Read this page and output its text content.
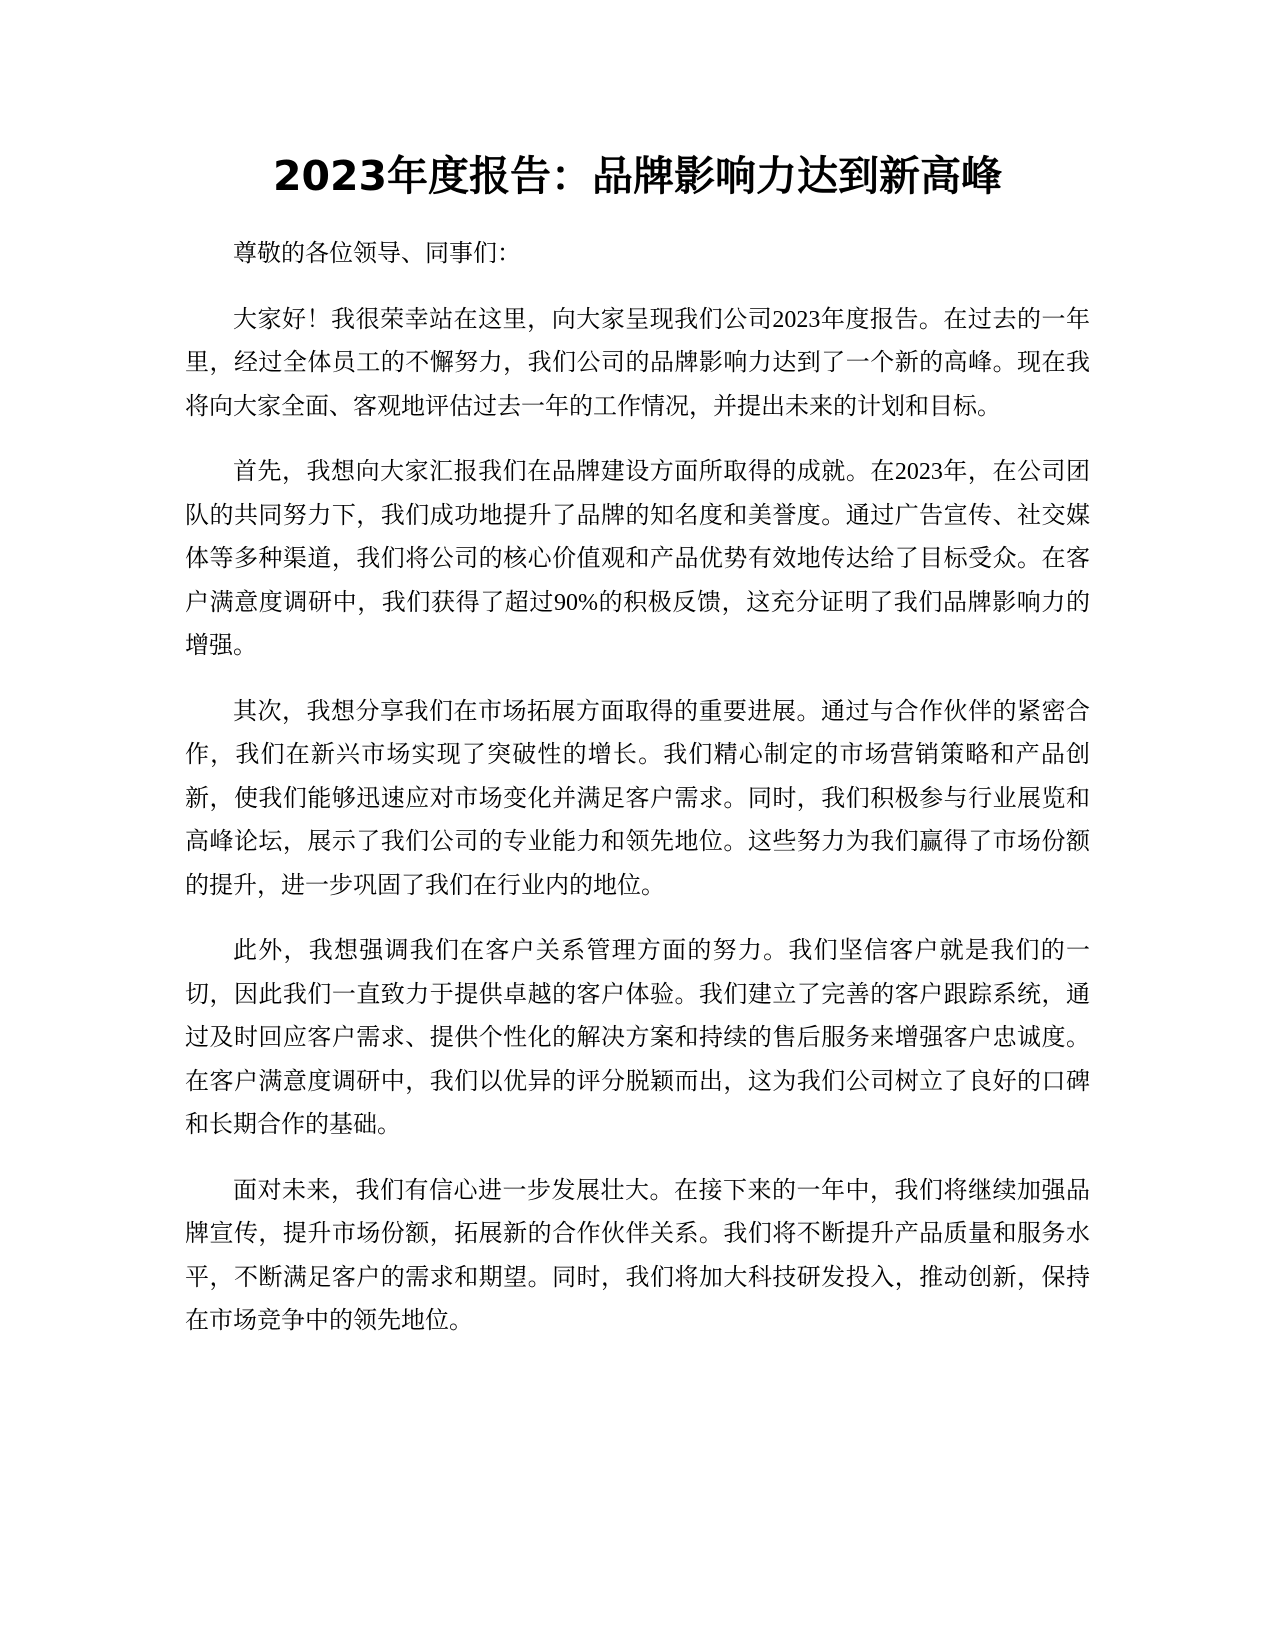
2023年度报告：品牌影响力达到新高峰

尊敬的各位领导、同事们：

大家好！我很荣幸站在这里，向大家呈现我们公司2023年度报告。在过去的一年里，经过全体员工的不懈努力，我们公司的品牌影响力达到了一个新的高峰。现在我将向大家全面、客观地评估过去一年的工作情况，并提出未来的计划和目标。

首先，我想向大家汇报我们在品牌建设方面所取得的成就。在2023年，在公司团队的共同努力下，我们成功地提升了品牌的知名度和美誉度。通过广告宣传、社交媒体等多种渠道，我们将公司的核心价值观和产品优势有效地传达给了目标受众。在客户满意度调研中，我们获得了超过90%的积极反馈，这充分证明了我们品牌影响力的增强。

其次，我想分享我们在市场拓展方面取得的重要进展。通过与合作伙伴的紧密合作，我们在新兴市场实现了突破性的增长。我们精心制定的市场营销策略和产品创新，使我们能够迅速应对市场变化并满足客户需求。同时，我们积极参与行业展览和高峰论坛，展示了我们公司的专业能力和领先地位。这些努力为我们赢得了市场份额的提升，进一步巩固了我们在行业内的地位。

此外，我想强调我们在客户关系管理方面的努力。我们坚信客户就是我们的一切，因此我们一直致力于提供卓越的客户体验。我们建立了完善的客户跟踪系统，通过及时回应客户需求、提供个性化的解决方案和持续的售后服务来增强客户忠诚度。在客户满意度调研中，我们以优异的评分脱颖而出，这为我们公司树立了良好的口碑和长期合作的基础。

面对未来，我们有信心进一步发展壮大。在接下来的一年中，我们将继续加强品牌宣传，提升市场份额，拓展新的合作伙伴关系。我们将不断提升产品质量和服务水平，不断满足客户的需求和期望。同时，我们将加大科技研发投入，推动创新，保持在市场竞争中的领先地位。
